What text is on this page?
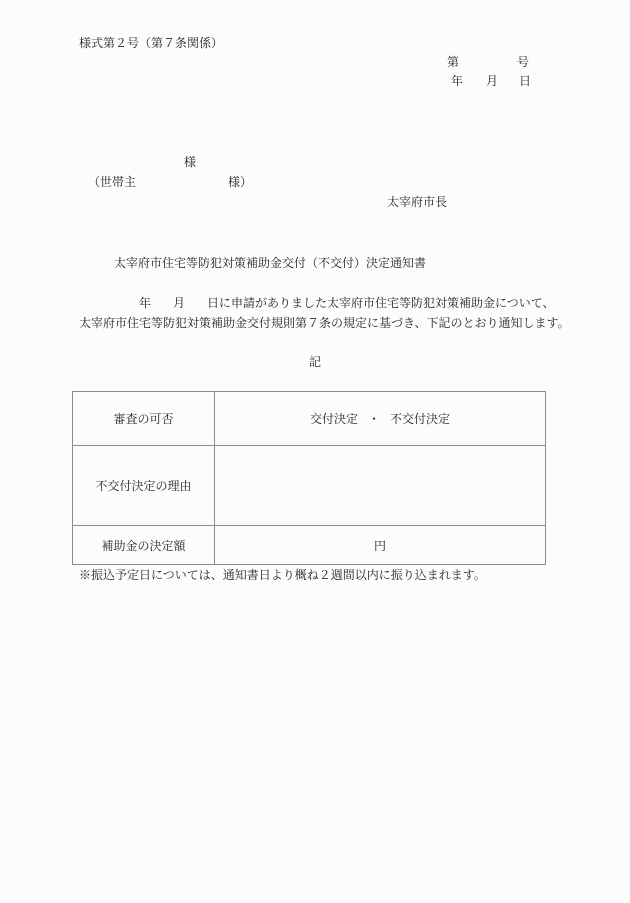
様式第２号（第７条関係）
第	号
年 月 日
様
（世帯主	様）
太宰府市長
太宰府市住宅等防犯対策補助金交付（不交付）決定通知書
年 月 日に申請がありました太宰府市住宅等防犯対策補助金について、
太宰府市住宅等防犯対策補助金交付規則第７条の規定に基づき、下記のとおり通知します。
記
審査の可否	交付決定 ・ 不交付決定
不交付決定の理由	
補助金の決定額	円
※振込予定日については、通知書日より概ね２週間以内に振り込まれます。
